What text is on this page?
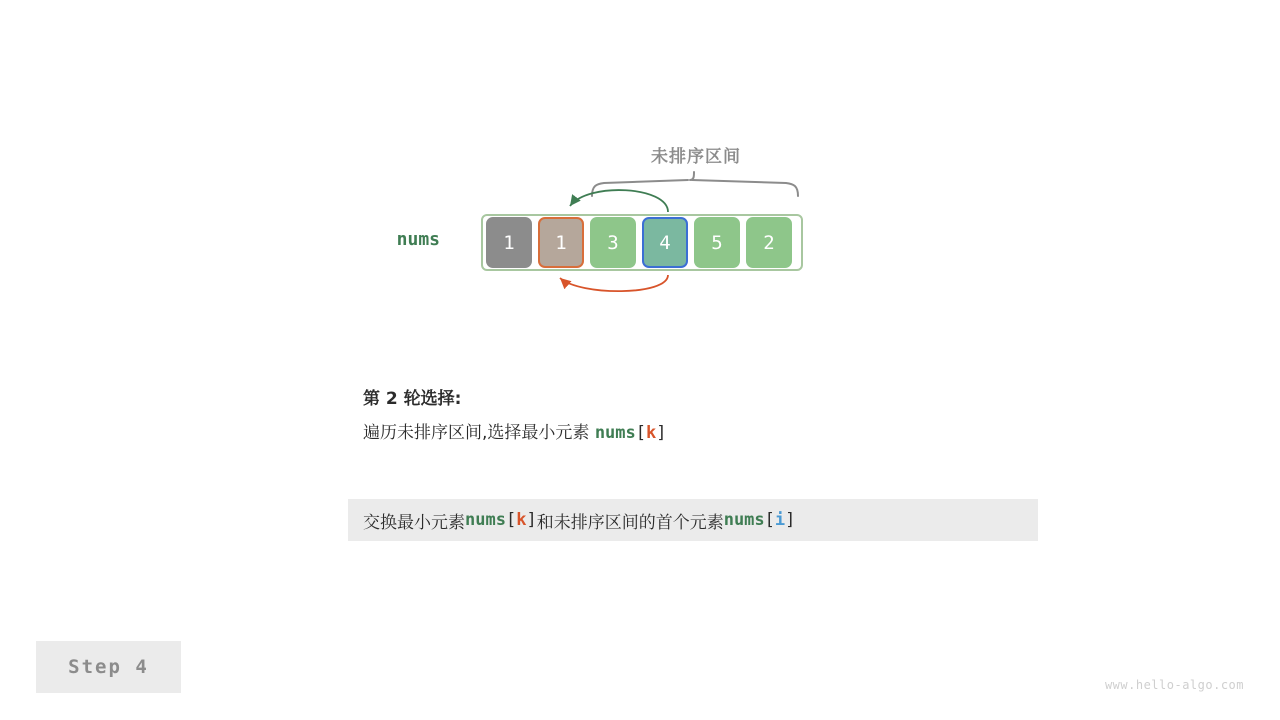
未排序区间
nums	1	1	3	4	5	2
第 2 轮选择:
遍历未排序区间,选择最小元素 nums[k]
交换最小元素 nums [ k ] 和未排序区间的首个元素 nums [ i ]
Step 4
www.hello-algo.com
